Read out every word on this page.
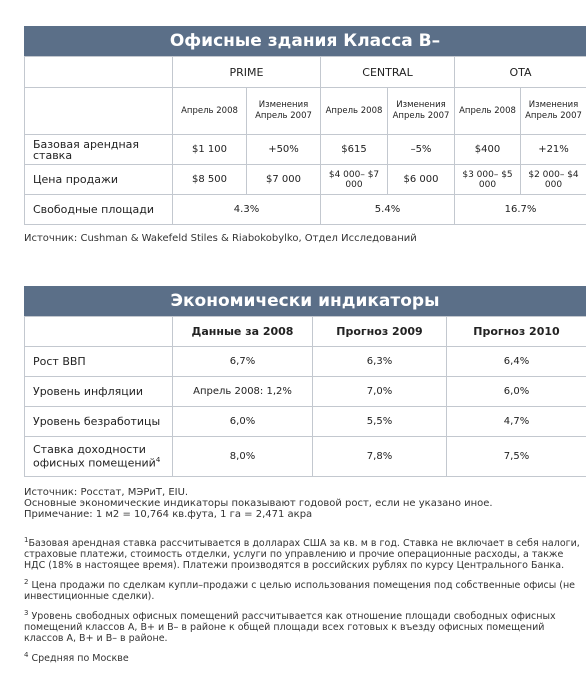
Офисные здания Класса B–
	PRIME		CENTRAL		OTA	
	Апрель 2008	Изменения Апрель 2007	Апрель 2008	Изменения Апрель 2007	Апрель 2008	Изменения Апрель 2007
Базовая арендная ставка	$1 100	+50%	$615	–5%	$400	+21%
Цена продажи	$8 500	$7 000	$4 000– $7 000	$6 000	$3 000– $5 000	$2 000– $4 000
Свободные площади	4.3%		5.4%		16.7%	
Источник: Cushman & Wakefeld Stiles & Riabokobylko, Отдел Исследований
Экономически индикаторы
	Данные за 2008	Прогноз 2009	Прогноз 2010
Рост ВВП	6,7%	6,3%	6,4%
Уровень инфляции	Апрель 2008: 1,2%	7,0%	6,0%
Уровень безработицы	6,0%	5,5%	4,7%
Ставка доходности офисных помещений$^4$	8,0%	7,8%	7,5%
Источник: Росстат, МЭРиТ, EIU.
Основные экономические индикаторы показывают годовой рост, если не указано иное.
Примечание: 1 м2 = 10,764 кв.фута, 1 га = 2,471 акра

$^1$Базовая арендная ставка рассчитывается в долларах США за кв. м в год. Ставка не включает в себя налоги, страховые платежи, стоимость отделки, услуги по управлению и прочие операционные расходы, а также НДС (18% в настоящее время). Платежи производятся в российских рублях по курсу Центрального Банка.

$^2$ Цена продажи по сделкам купли–продажи с целью использования помещения под собственные офисы (не инвестиционные сделки).

$^3$ Уровень свободных офисных помещений рассчитывается как отношение площади свободных офисных помещений классов А, В+ и В– в районе к общей площади всех готовых к въезду офисных помещений классов А, В+ и В– в районе.

$^4$ Средняя по Москве
